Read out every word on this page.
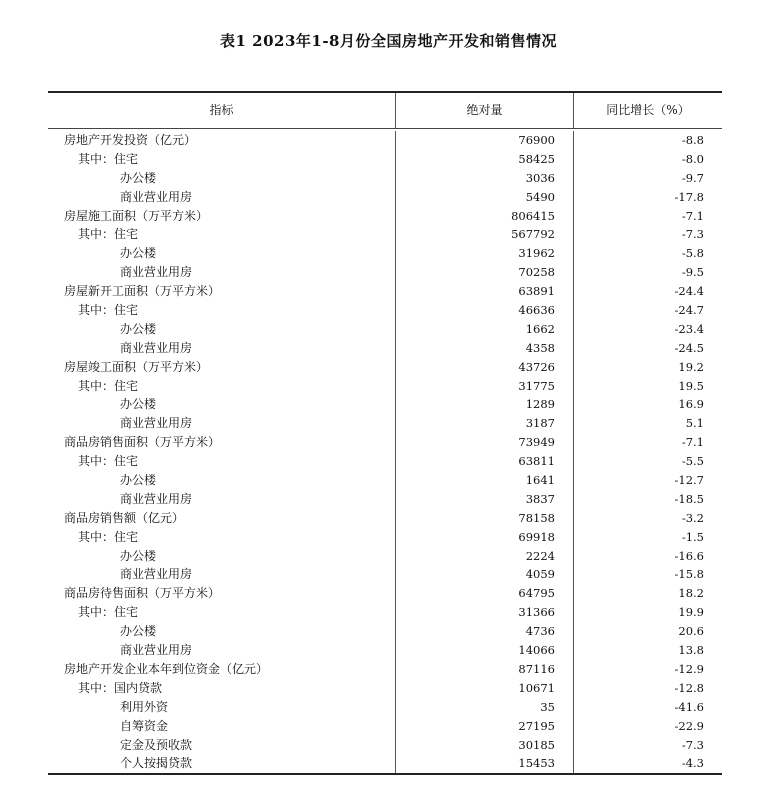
表1 2023年1-8月份全国房地产开发和销售情况
指标	绝对量	同比增长（%）
房地产开发投资（亿元）	76900	-8.8
其中：住宅	58425	-8.0
办公楼	3036	-9.7
商业营业用房	5490	-17.8
房屋施工面积（万平方米）	806415	-7.1
其中：住宅	567792	-7.3
办公楼	31962	-5.8
商业营业用房	70258	-9.5
房屋新开工面积（万平方米）	63891	-24.4
其中：住宅	46636	-24.7
办公楼	1662	-23.4
商业营业用房	4358	-24.5
房屋竣工面积（万平方米）	43726	19.2
其中：住宅	31775	19.5
办公楼	1289	16.9
商业营业用房	3187	5.1
商品房销售面积（万平方米）	73949	-7.1
其中：住宅	63811	-5.5
办公楼	1641	-12.7
商业营业用房	3837	-18.5
商品房销售额（亿元）	78158	-3.2
其中：住宅	69918	-1.5
办公楼	2224	-16.6
商业营业用房	4059	-15.8
商品房待售面积（万平方米）	64795	18.2
其中：住宅	31366	19.9
办公楼	4736	20.6
商业营业用房	14066	13.8
房地产开发企业本年到位资金（亿元）	87116	-12.9
其中：国内贷款	10671	-12.8
利用外资	35	-41.6
自筹资金	27195	-22.9
定金及预收款	30185	-7.3
个人按揭贷款	15453	-4.3
